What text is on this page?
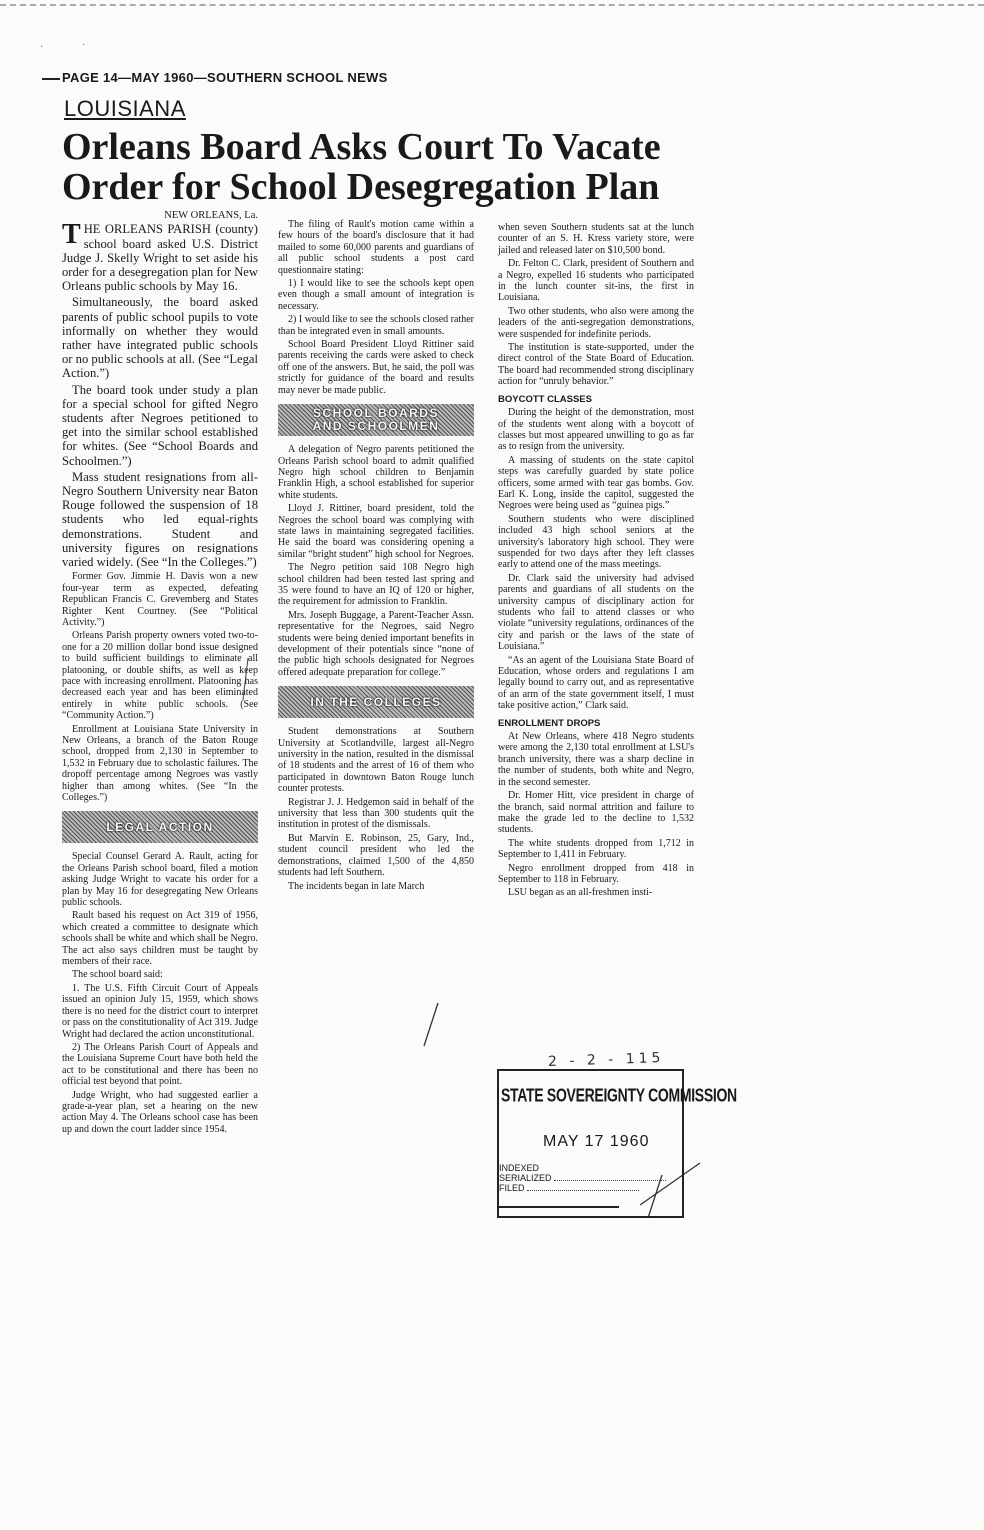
·	·
PAGE 14—MAY 1960—SOUTHERN SCHOOL NEWS
LOUISIANA
Orleans Board Asks Court To Vacate
Order for School Desegregation Plan
NEW ORLEANS, La.

THE ORLEANS PARISH (county) school board asked U.S. District Judge J. Skelly Wright to set aside his order for a desegregation plan for New Orleans public schools by May 16.

Simultaneously, the board asked parents of public school pupils to vote informally on whether they would rather have integrated public schools or no public schools at all. (See “Legal Action.”)

The board took under study a plan for a special school for gifted Negro students after Negroes petitioned to get into the similar school established for whites. (See “School Boards and Schoolmen.”)

Mass student resignations from all-Negro Southern University near Baton Rouge followed the suspension of 18 students who led equal-rights demonstrations. Student and university figures on resignations varied widely. (See “In the Colleges.”)

Former Gov. Jimmie H. Davis won a new four-year term as expected, defeating Republican Francis C. Grevemberg and States Righter Kent Courtney. (See “Political Activity.”)

Orleans Parish property owners voted two-to-one for a 20 million dollar bond issue designed to build sufficient buildings to eliminate all platooning, or double shifts, as well as keep pace with increasing enrollment. Platooning has decreased each year and has been eliminated entirely in white public schools. (See “Community Action.”)

Enrollment at Louisiana State University in New Orleans, a branch of the Baton Rouge school, dropped from 2,130 in September to 1,532 in February due to scholastic failures. The dropoff percentage among Negroes was vastly higher than among whites. (See “In the Colleges.”)

LEGAL ACTION

Special Counsel Gerard A. Rault, acting for the Orleans Parish school board, filed a motion asking Judge Wright to vacate his order for a plan by May 16 for desegregating New Orleans public schools.

Rault based his request on Act 319 of 1956, which created a committee to designate which schools shall be white and which shall be Negro. The act also says children must be taught by members of their race.

The school board said:

1. The U.S. Fifth Circuit Court of Appeals issued an opinion July 15, 1959, which shows there is no need for the district court to interpret or pass on the constitutionality of Act 319. Judge Wright had declared the action unconstitutional.

2) The Orleans Parish Court of Appeals and the Louisiana Supreme Court have both held the act to be constitutional and there has been no official test beyond that point.

Judge Wright, who had suggested earlier a grade-a-year plan, set a hearing on the new action May 4. The Orleans school case has been up and down the court ladder since 1954.

The filing of Rault's motion came within a few hours of the board's disclosure that it had mailed to some 60,000 parents and guardians of all public school students a post card questionnaire stating:

1) I would like to see the schools kept open even though a small amount of integration is necessary.

2) I would like to see the schools closed rather than be integrated even in small amounts.

School Board President Lloyd Rittiner said parents receiving the cards were asked to check off one of the answers. But, he said, the poll was strictly for guidance of the board and results may never be made public.

SCHOOL BOARDS
AND SCHOOLMEN

A delegation of Negro parents petitioned the Orleans Parish school board to admit qualified Negro high school children to Benjamin Franklin High, a school established for superior white students.

Lloyd J. Rittiner, board president, told the Negroes the school board was complying with state laws in maintaining segregated facilities. He said the board was considering opening a similar “bright student” high school for Negroes.

The Negro petition said 108 Negro high school children had been tested last spring and 35 were found to have an IQ of 120 or higher, the requirement for admission to Franklin.

Mrs. Joseph Buggage, a Parent-Teacher Assn. representative for the Negroes, said Negro students were being denied important benefits in development of their potentials since “none of the public high schools designated for Negroes offered adequate preparation for college.”

IN THE COLLEGES

Student demonstrations at Southern University at Scotlandville, largest all-Negro university in the nation, resulted in the dismissal of 18 students and the arrest of 16 of them who participated in downtown Baton Rouge lunch counter protests.

Registrar J. J. Hedgemon said in behalf of the university that less than 300 students quit the institution in protest of the dismissals.

But Marvin E. Robinson, 25, Gary, Ind., student council president who led the demonstrations, claimed 1,500 of the 4,850 students had left Southern.

The incidents began in late March

when seven Southern students sat at the lunch counter of an S. H. Kress variety store, were jailed and released later on $10,500 bond.

Dr. Felton C. Clark, president of Southern and a Negro, expelled 16 students who participated in the lunch counter sit-ins, the first in Louisiana.

Two other students, who also were among the leaders of the anti-segregation demonstrations, were suspended for indefinite periods.

The institution is state-supported, under the direct control of the State Board of Education. The board had recommended strong disciplinary action for “unruly behavior.”

BOYCOTT CLASSES

During the height of the demonstration, most of the students went along with a boycott of classes but most appeared unwilling to go as far as to resign from the university.

A massing of students on the state capitol steps was carefully guarded by state police officers, some armed with tear gas bombs. Gov. Earl K. Long, inside the capitol, suggested the Negroes were being used as “guinea pigs.”

Southern students who were disciplined included 43 high school seniors at the university's laboratory high school. They were suspended for two days after they left classes early to attend one of the mass meetings.

Dr. Clark said the university had advised parents and guardians of all students on the university campus of disciplinary action for students who fail to attend classes or who violate “university regulations, ordinances of the city and parish or the laws of the state of Louisiana.”

“As an agent of the Louisiana State Board of Education, whose orders and regulations I am legally bound to carry out, and as representative of an arm of the state government itself, I must take positive action,” Clark said.

ENROLLMENT DROPS

At New Orleans, where 418 Negro students were among the 2,130 total enrollment at LSU's branch university, there was a sharp decline in the number of students, both white and Negro, in the second semester.

Dr. Homer Hitt, vice president in charge of the branch, said normal attrition and failure to make the grade led to the decline to 1,532 students.

The white students dropped from 1,712 in September to 1,411 in February.

Negro enrollment dropped from 418 in September to 118 in February.

LSU began as an all-freshmen insti-

2 - 2 - 115
STATE SOVEREIGNTY COMMISSION
MAY 17 1960
INDEXED
SERIALIZED
FILED
